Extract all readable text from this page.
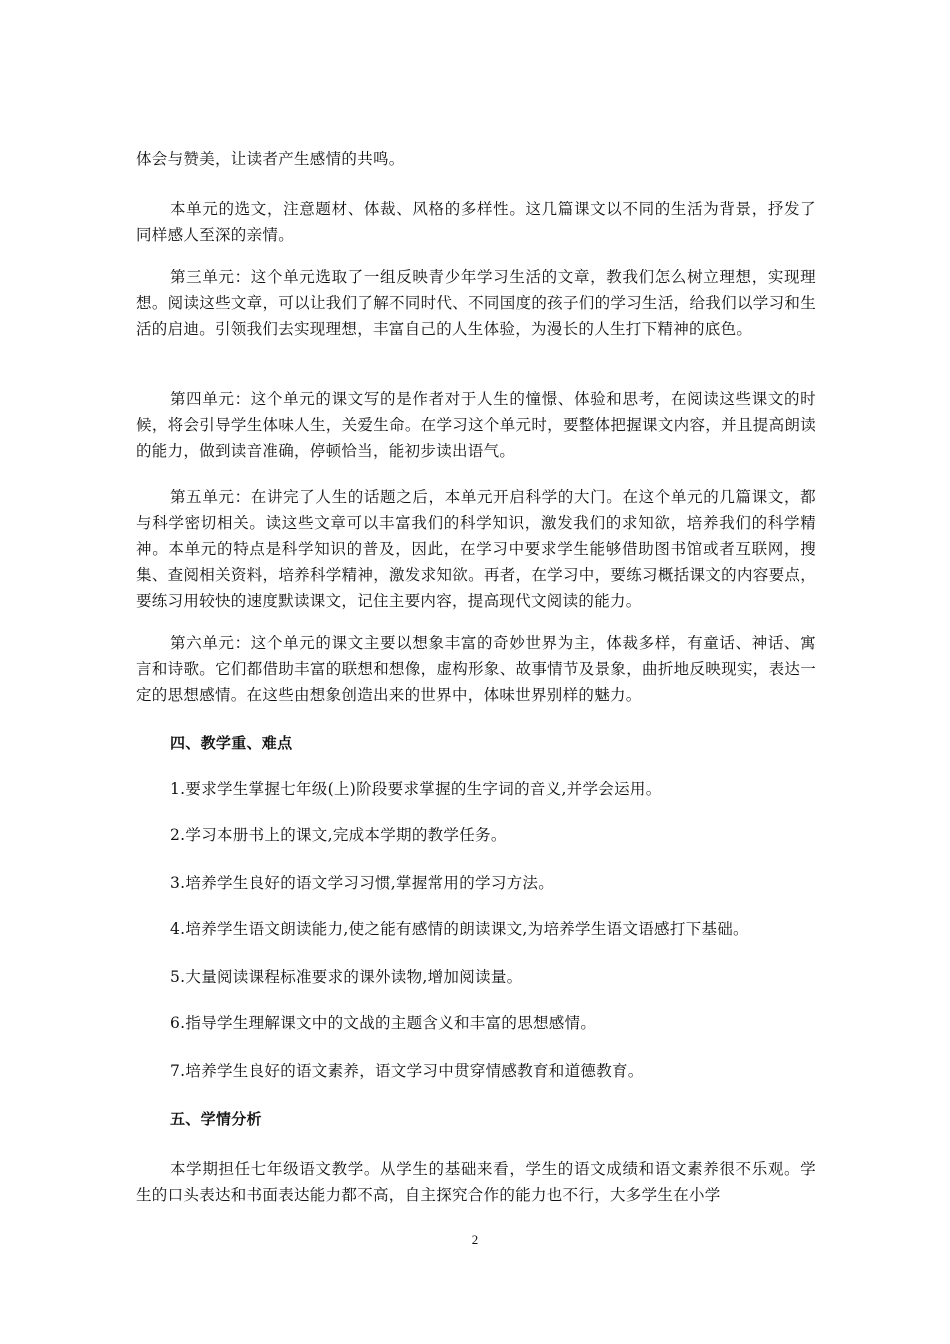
体会与赞美，让读者产生感情的共鸣。

本单元的选文，注意题材、体裁、风格的多样性。这几篇课文以不同的生活为背景，抒发了同样感人至深的亲情。

第三单元：这个单元选取了一组反映青少年学习生活的文章，教我们怎么树立理想，实现理想。阅读这些文章，可以让我们了解不同时代、不同国度的孩子们的学习生活，给我们以学习和生活的启迪。引领我们去实现理想，丰富自己的人生体验，为漫长的人生打下精神的底色。

第四单元：这个单元的课文写的是作者对于人生的憧憬、体验和思考，在阅读这些课文的时候，将会引导学生体味人生，关爱生命。在学习这个单元时，要整体把握课文内容，并且提高朗读的能力，做到读音准确，停顿恰当，能初步读出语气。

第五单元：在讲完了人生的话题之后，本单元开启科学的大门。在这个单元的几篇课文，都与科学密切相关。读这些文章可以丰富我们的科学知识，激发我们的求知欲，培养我们的科学精神。本单元的特点是科学知识的普及，因此，在学习中要求学生能够借助图书馆或者互联网，搜集、查阅相关资料，培养科学精神，激发求知欲。再者，在学习中，要练习概括课文的内容要点，要练习用较快的速度默读课文，记住主要内容，提高现代文阅读的能力。

第六单元：这个单元的课文主要以想象丰富的奇妙世界为主，体裁多样，有童话、神话、寓言和诗歌。它们都借助丰富的联想和想像，虚构形象、故事情节及景象，曲折地反映现实，表达一定的思想感情。在这些由想象创造出来的世界中，体味世界别样的魅力。

四、教学重、难点

1.要求学生掌握七年级(上)阶段要求掌握的生字词的音义,并学会运用。

2.学习本册书上的课文,完成本学期的教学任务。

3.培养学生良好的语文学习习惯,掌握常用的学习方法。

4.培养学生语文朗读能力,使之能有感情的朗读课文,为培养学生语文语感打下基础。

5.大量阅读课程标准要求的课外读物,增加阅读量。

6.指导学生理解课文中的文战的主题含义和丰富的思想感情。

7.培养学生良好的语文素养，语文学习中贯穿情感教育和道德教育。

五、学情分析

本学期担任七年级语文教学。从学生的基础来看，学生的语文成绩和语文素养很不乐观。学生的口头表达和书面表达能力都不高，自主探究合作的能力也不行，大多学生在小学

2
